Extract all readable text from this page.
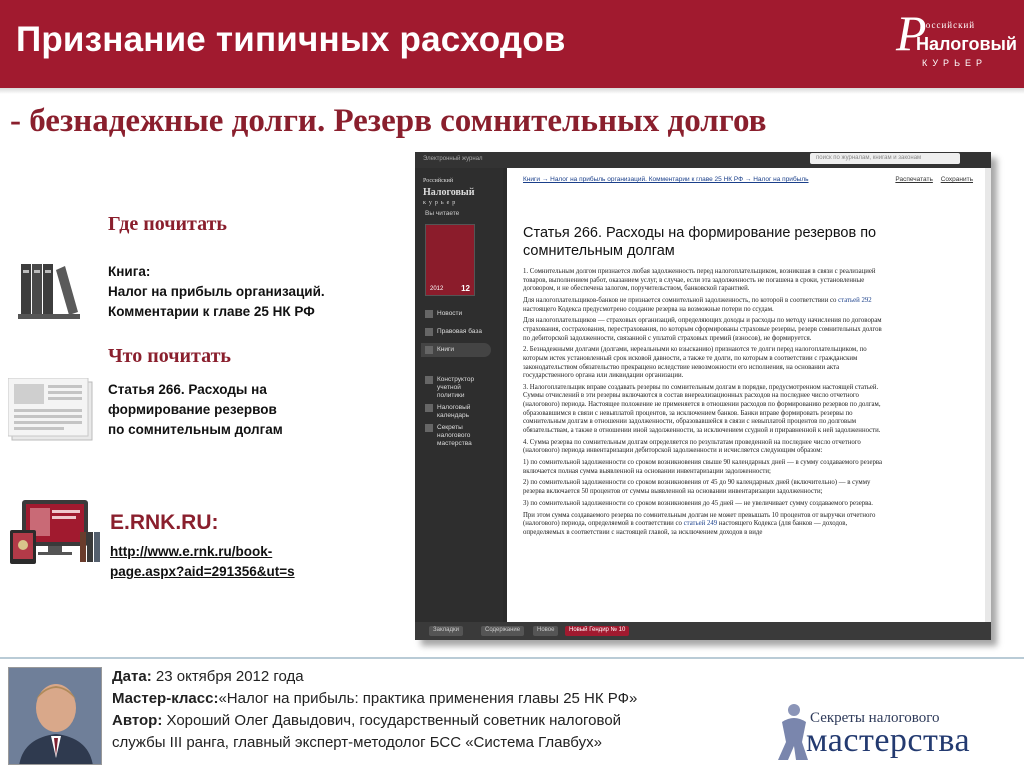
Признание типичных расходов	Р
Российский
Налоговый
КУРЬЕР
- безнадежные долги. Резерв сомнительных долгов
Где почитать
Книга:
Налог на прибыль организаций.
Комментарии к главе 25 НК РФ
Что почитать
Статья 266. Расходы на
формирование резервов
по сомнительным долгам
E.RNK.RU:
http://www.e.rnk.ru/book-
page.aspx?aid=291356&ut=s
Электронный журнал	поиск по журналам, книгам и законам
Российский
Налоговый
курьер
Вы читаете
2012 12
Новости
Правовая база
Книги
Конструктор
учетной
политики
Налоговый
календарь
Секреты
налогового
мастерства
Книги → Налог на прибыль организаций. Комментарии к главе 25 НК РФ → Налог на прибыль	Распечатать Сохранить
Статья 266. Расходы на формирование резервов по сомнительным долгам

1. Сомнительным долгом признается любая задолженность перед налогоплательщиком, возникшая в связи с реализацией товаров, выполнением работ, оказанием услуг, в случае, если эта задолженность не погашена в сроки, установленные договором, и не обеспечена залогом, поручительством, банковской гарантией.

Для налогоплательщиков-банков не признается сомнительной задолженность, по которой в соответствии со статьей 292 настоящего Кодекса предусмотрено создание резерва на возможные потери по ссудам.

Для налогоплательщиков — страховых организаций, определяющих доходы и расходы по методу начисления по договорам страхования, сострахования, перестрахования, по которым сформированы страховые резервы, резерв сомнительных долгов по дебиторской задолженности, связанной с уплатой страховых премий (взносов), не формируется.

2. Безнадежными долгами (долгами, нереальными ко взысканию) признаются те долги перед налогоплательщиком, по которым истек установленный срок исковой давности, а также те долги, по которым в соответствии с гражданским законодательством обязательство прекращено вследствие невозможности его исполнения, на основании акта государственного органа или ликвидации организации.

3. Налогоплательщик вправе создавать резервы по сомнительным долгам в порядке, предусмотренном настоящей статьей. Суммы отчислений в эти резервы включаются в состав внереализационных расходов на последнее число отчетного (налогового) периода. Настоящее положение не применяется в отношении расходов по формированию резервов по долгам, образовавшимся в связи с невыплатой процентов, за исключением банков. Банки вправе формировать резервы по сомнительным долгам в отношении задолженности, образовавшейся в связи с невыплатой процентов по долговым обязательствам, а также в отношении иной задолженности, за исключением ссудной и приравненной к ней задолженности.

4. Сумма резерва по сомнительным долгам определяется по результатам проведенной на последнее число отчетного (налогового) периода инвентаризации дебиторской задолженности и исчисляется следующим образом:

1) по сомнительной задолженности со сроком возникновения свыше 90 календарных дней — в сумму создаваемого резерва включается полная сумма выявленной на основании инвентаризации задолженности;

2) по сомнительной задолженности со сроком возникновения от 45 до 90 календарных дней (включительно) — в сумму резерва включается 50 процентов от суммы выявленной на основании инвентаризации задолженности;

3) по сомнительной задолженности со сроком возникновения до 45 дней — не увеличивает сумму создаваемого резерва.

При этом сумма создаваемого резерва по сомнительным долгам не может превышать 10 процентов от выручки отчетного (налогового) периода, определяемой в соответствии со статьей 249 настоящего Кодекса (для банков — доходов, определяемых в соответствии с настоящей главой, за исключением доходов в виде

Закладки	Содержание	Новое	Новый Гендир № 10
Дата: 23 октября 2012 года
Мастер-класс:«Налог на прибыль: практика применения главы 25 НК РФ»
Автор: Хороший Олег Давыдович, государственный советник налоговой
службы III ранга, главный эксперт-методолог БСС «Система Главбух»
Секреты налогового
мастерства
